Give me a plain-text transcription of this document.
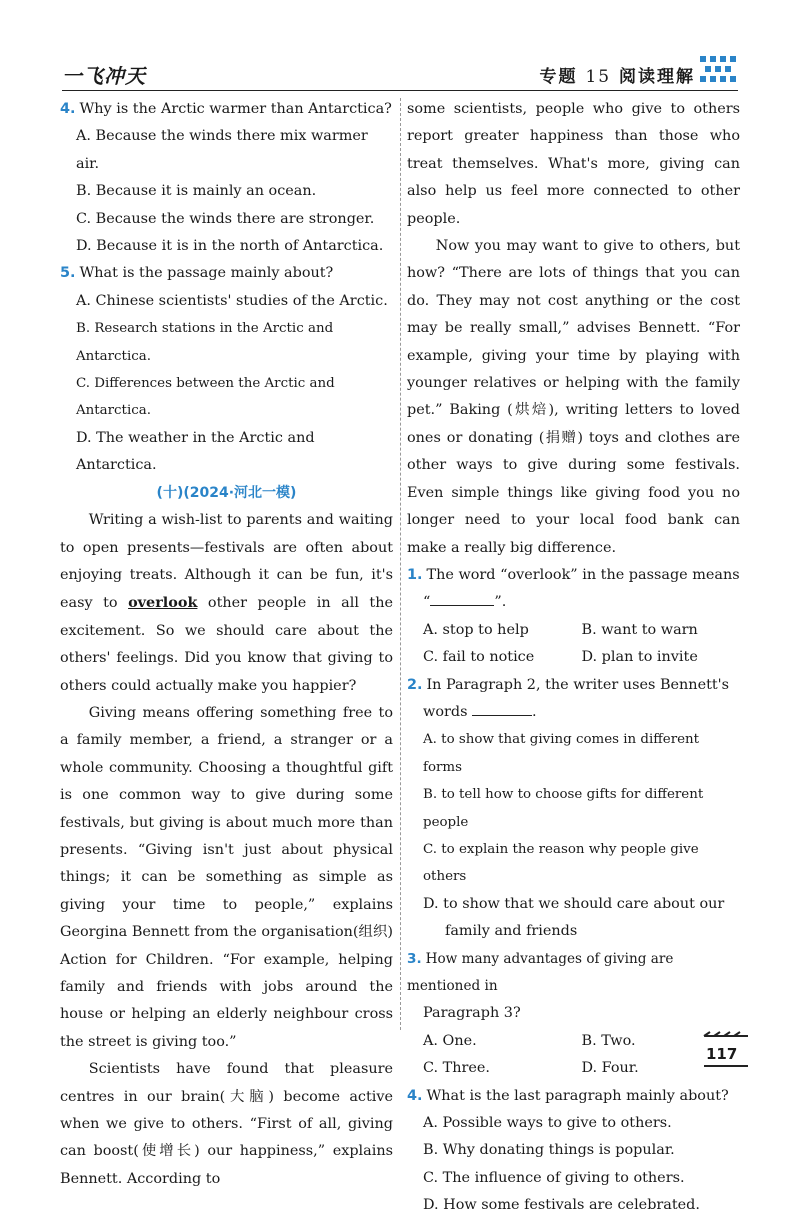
一飞冲天	专题 15 阅读理解
4. Why is the Arctic warmer than Antarctica?
A. Because the winds there mix warmer air.
B. Because it is mainly an ocean.
C. Because the winds there are stronger.
D. Because it is in the north of Antarctica.
5. What is the passage mainly about?
A. Chinese scientists' studies of the Arctic.
B. Research stations in the Arctic and Antarctica.
C. Differences between the Arctic and Antarctica.
D. The weather in the Arctic and Antarctica.
(十)(2024·河北一模)
Writing a wish-list to parents and waiting to open presents—festivals are often about enjoying treats. Although it can be fun, it's easy to overlook other people in all the excitement. So we should care about the others' feelings. Did you know that giving to others could actually make you happier?
Giving means offering something free to a family member, a friend, a stranger or a whole community. Choosing a thoughtful gift is one common way to give during some festivals, but giving is about much more than presents. “Giving isn't just about physical things; it can be something as simple as giving your time to people,” explains Georgina Bennett from the organisation(组织) Action for Children. “For example, helping family and friends with jobs around the house or helping an elderly neighbour cross the street is giving too.”
Scientists have found that pleasure centres in our brain(大脑) become active when we give to others. “First of all, giving can boost(使增长) our happiness,” explains Bennett. According to
some scientists, people who give to others report greater happiness than those who treat themselves. What's more, giving can also help us feel more connected to other people.
Now you may want to give to others, but how? “There are lots of things that you can do. They may not cost anything or the cost may be really small,” advises Bennett. “For example, giving your time by playing with younger relatives or helping with the family pet.” Baking (烘焙), writing letters to loved ones or donating (捐赠) toys and clothes are other ways to give during some festivals. Even simple things like giving food you no longer need to your local food bank can make a really big difference.
1. The word “overlook” in the passage means
“	”.
A. stop to help	B. want to warn
C. fail to notice	D. plan to invite
2. In Paragraph 2, the writer uses Bennett's
words	.
A. to show that giving comes in different forms
B. to tell how to choose gifts for different people
C. to explain the reason why people give others
D. to show that we should care about our
family and friends
3. How many advantages of giving are mentioned in
Paragraph 3?
A. One.	B. Two.
C. Three.	D. Four.
4. What is the last paragraph mainly about?
A. Possible ways to give to others.
B. Why donating things is popular.
C. The influence of giving to others.
D. How some festivals are celebrated.
117
